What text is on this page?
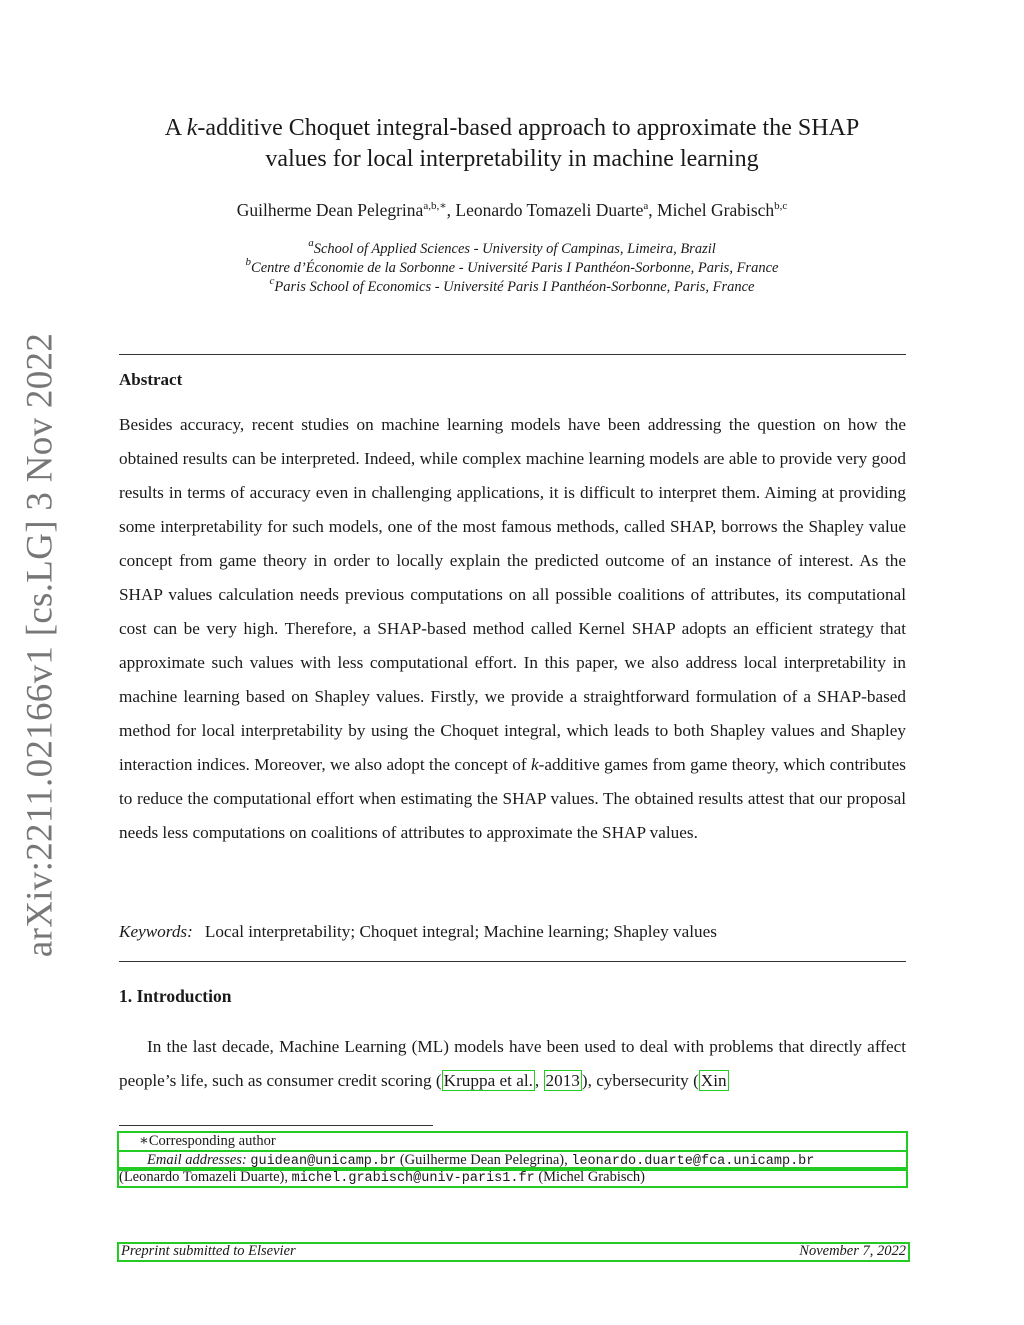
arXiv:2211.02166v1 [cs.LG] 3 Nov 2022
A k-additive Choquet integral-based approach to approximate the SHAP
values for local interpretability in machine learning
Guilherme Dean Pelegrina$^{a,b,∗}$, Leonardo Tomazeli Duarte$^a$, Michel Grabisch$^{b,c}$
$^a$School of Applied Sciences - University of Campinas, Limeira, Brazil
$^b$Centre d’Économie de la Sorbonne - Université Paris I Panthéon-Sorbonne, Paris, France
$^c$Paris School of Economics - Université Paris I Panthéon-Sorbonne, Paris, France
Abstract
Besides accuracy, recent studies on machine learning models have been addressing the question on how the obtained results can be interpreted. Indeed, while complex machine learning models are able to provide very good results in terms of accuracy even in challenging applications, it is difficult to interpret them. Aiming at providing some interpretability for such models, one of the most famous methods, called SHAP, borrows the Shapley value concept from game theory in order to locally explain the predicted outcome of an instance of interest. As the SHAP values calculation needs previous computations on all possible coalitions of attributes, its computational cost can be very high. Therefore, a SHAP-based method called Kernel SHAP adopts an efficient strategy that approximate such values with less computational effort. In this paper, we also address local interpretability in machine learning based on Shapley values. Firstly, we provide a straightforward formulation of a SHAP-based method for local interpretability by using the Choquet integral, which leads to both Shapley values and Shapley interaction indices. Moreover, we also adopt the concept of k-additive games from game theory, which contributes to reduce the computational effort when estimating the SHAP values. The obtained results attest that our proposal needs less computations on coalitions of attributes to approximate the SHAP values.
Keywords: Local interpretability; Choquet integral; Machine learning; Shapley values
1. Introduction
In the last decade, Machine Learning (ML) models have been used to deal with problems that directly affect people’s life, such as consumer credit scoring ( Kruppa et al. , 2013 ), cybersecurity ( Xin
∗Corresponding author
Email addresses: guidean@unicamp.br (Guilherme Dean Pelegrina), leonardo.duarte@fca.unicamp.br
(Leonardo Tomazeli Duarte), michel.grabisch@univ-paris1.fr (Michel Grabisch)
Preprint submitted to Elsevier	November 7, 2022
